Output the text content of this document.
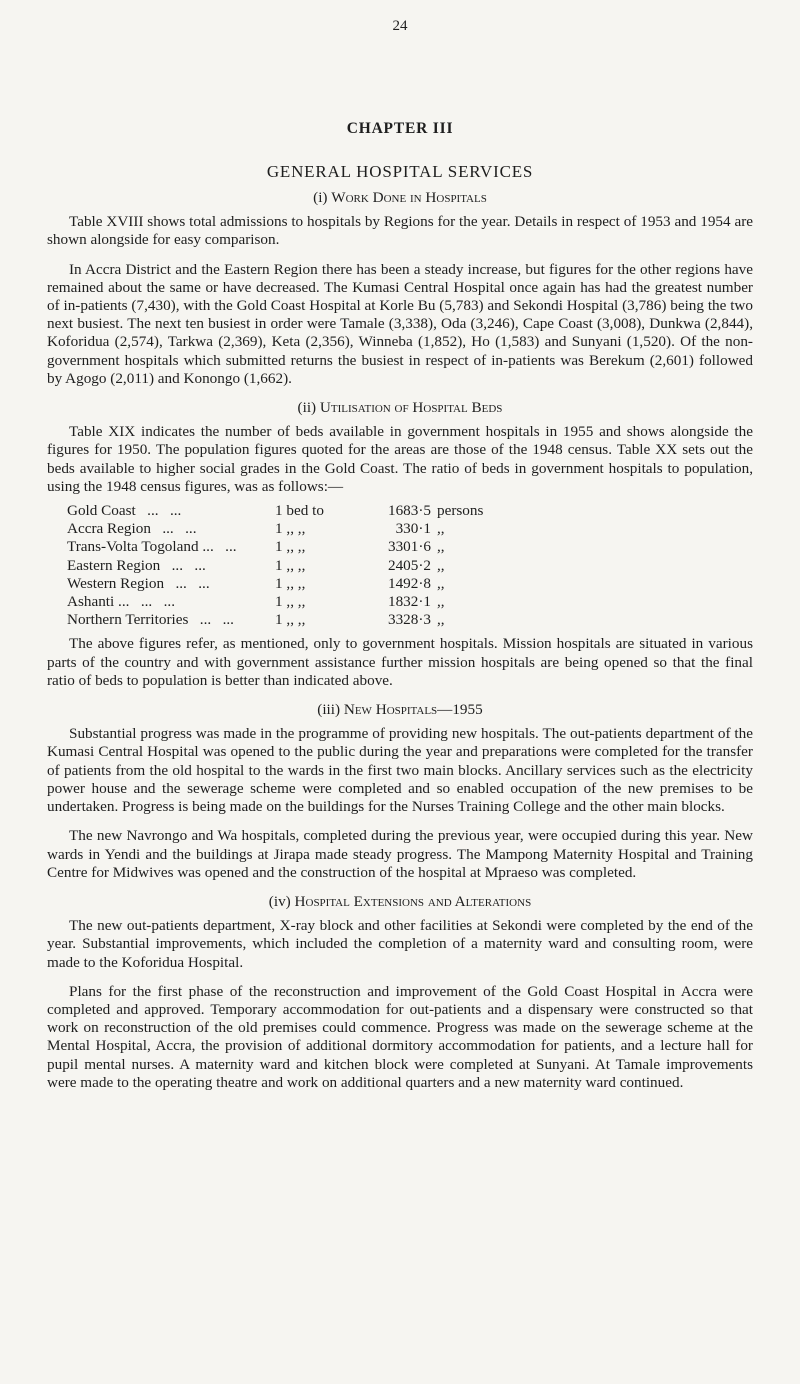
24
CHAPTER III
GENERAL HOSPITAL SERVICES
(i) Work Done in Hospitals

Table XVIII shows total admissions to hospitals by Regions for the year. Details in respect of 1953 and 1954 are shown alongside for easy comparison.

In Accra District and the Eastern Region there has been a steady increase, but figures for the other regions have remained about the same or have decreased. The Kumasi Central Hospital once again has had the greatest number of in-patients (7,430), with the Gold Coast Hospital at Korle Bu (5,783) and Sekondi Hospital (3,786) being the two next busiest. The next ten busiest in order were Tamale (3,338), Oda (3,246), Cape Coast (3,008), Dunkwa (2,844), Koforidua (2,574), Tarkwa (2,369), Keta (2,356), Winneba (1,852), Ho (1,583) and Sunyani (1,520). Of the non-government hospitals which submitted returns the busiest in respect of in-patients was Berekum (2,601) followed by Agogo (2,011) and Konongo (1,662).

(ii) Utilisation of Hospital Beds

Table XIX indicates the number of beds available in government hospitals in 1955 and shows alongside the figures for 1950. The population figures quoted for the areas are those of the 1948 census. Table XX sets out the beds available to higher social grades in the Gold Coast. The ratio of beds in government hospitals to population, using the 1948 census figures, was as follows:—

Gold Coast ... ...	1 bed to	1683·5	persons
Accra Region ... ...	1 ,, ,,	330·1	,,
Trans-Volta Togoland ... ...	1 ,, ,,	3301·6	,,
Eastern Region ... ...	1 ,, ,,	2405·2	,,
Western Region ... ...	1 ,, ,,	1492·8	,,
Ashanti ... ... ...	1 ,, ,,	1832·1	,,
Northern Territories ... ...	1 ,, ,,	3328·3	,,

The above figures refer, as mentioned, only to government hospitals. Mission hospitals are situated in various parts of the country and with government assistance further mission hospitals are being opened so that the final ratio of beds to population is better than indicated above.

(iii) New Hospitals—1955

Substantial progress was made in the programme of providing new hospitals. The out-patients department of the Kumasi Central Hospital was opened to the public during the year and preparations were completed for the transfer of patients from the old hospital to the wards in the first two main blocks. Ancillary services such as the electricity power house and the sewerage scheme were completed and so enabled occupation of the new premises to be undertaken. Progress is being made on the buildings for the Nurses Training College and the other main blocks.

The new Navrongo and Wa hospitals, completed during the previous year, were occupied during this year. New wards in Yendi and the buildings at Jirapa made steady progress. The Mampong Maternity Hospital and Training Centre for Midwives was opened and the construction of the hospital at Mpraeso was completed.

(iv) Hospital Extensions and Alterations

The new out-patients department, X-ray block and other facilities at Sekondi were completed by the end of the year. Substantial improvements, which included the completion of a maternity ward and consulting room, were made to the Koforidua Hospital.

Plans for the first phase of the reconstruction and improvement of the Gold Coast Hospital in Accra were completed and approved. Temporary accommodation for out-patients and a dispensary were constructed so that work on reconstruction of the old premises could commence. Progress was made on the sewerage scheme at the Mental Hospital, Accra, the provision of additional dormitory accommodation for patients, and a lecture hall for pupil mental nurses. A maternity ward and kitchen block were completed at Sunyani. At Tamale improvements were made to the operating theatre and work on additional quarters and a new maternity ward continued.
